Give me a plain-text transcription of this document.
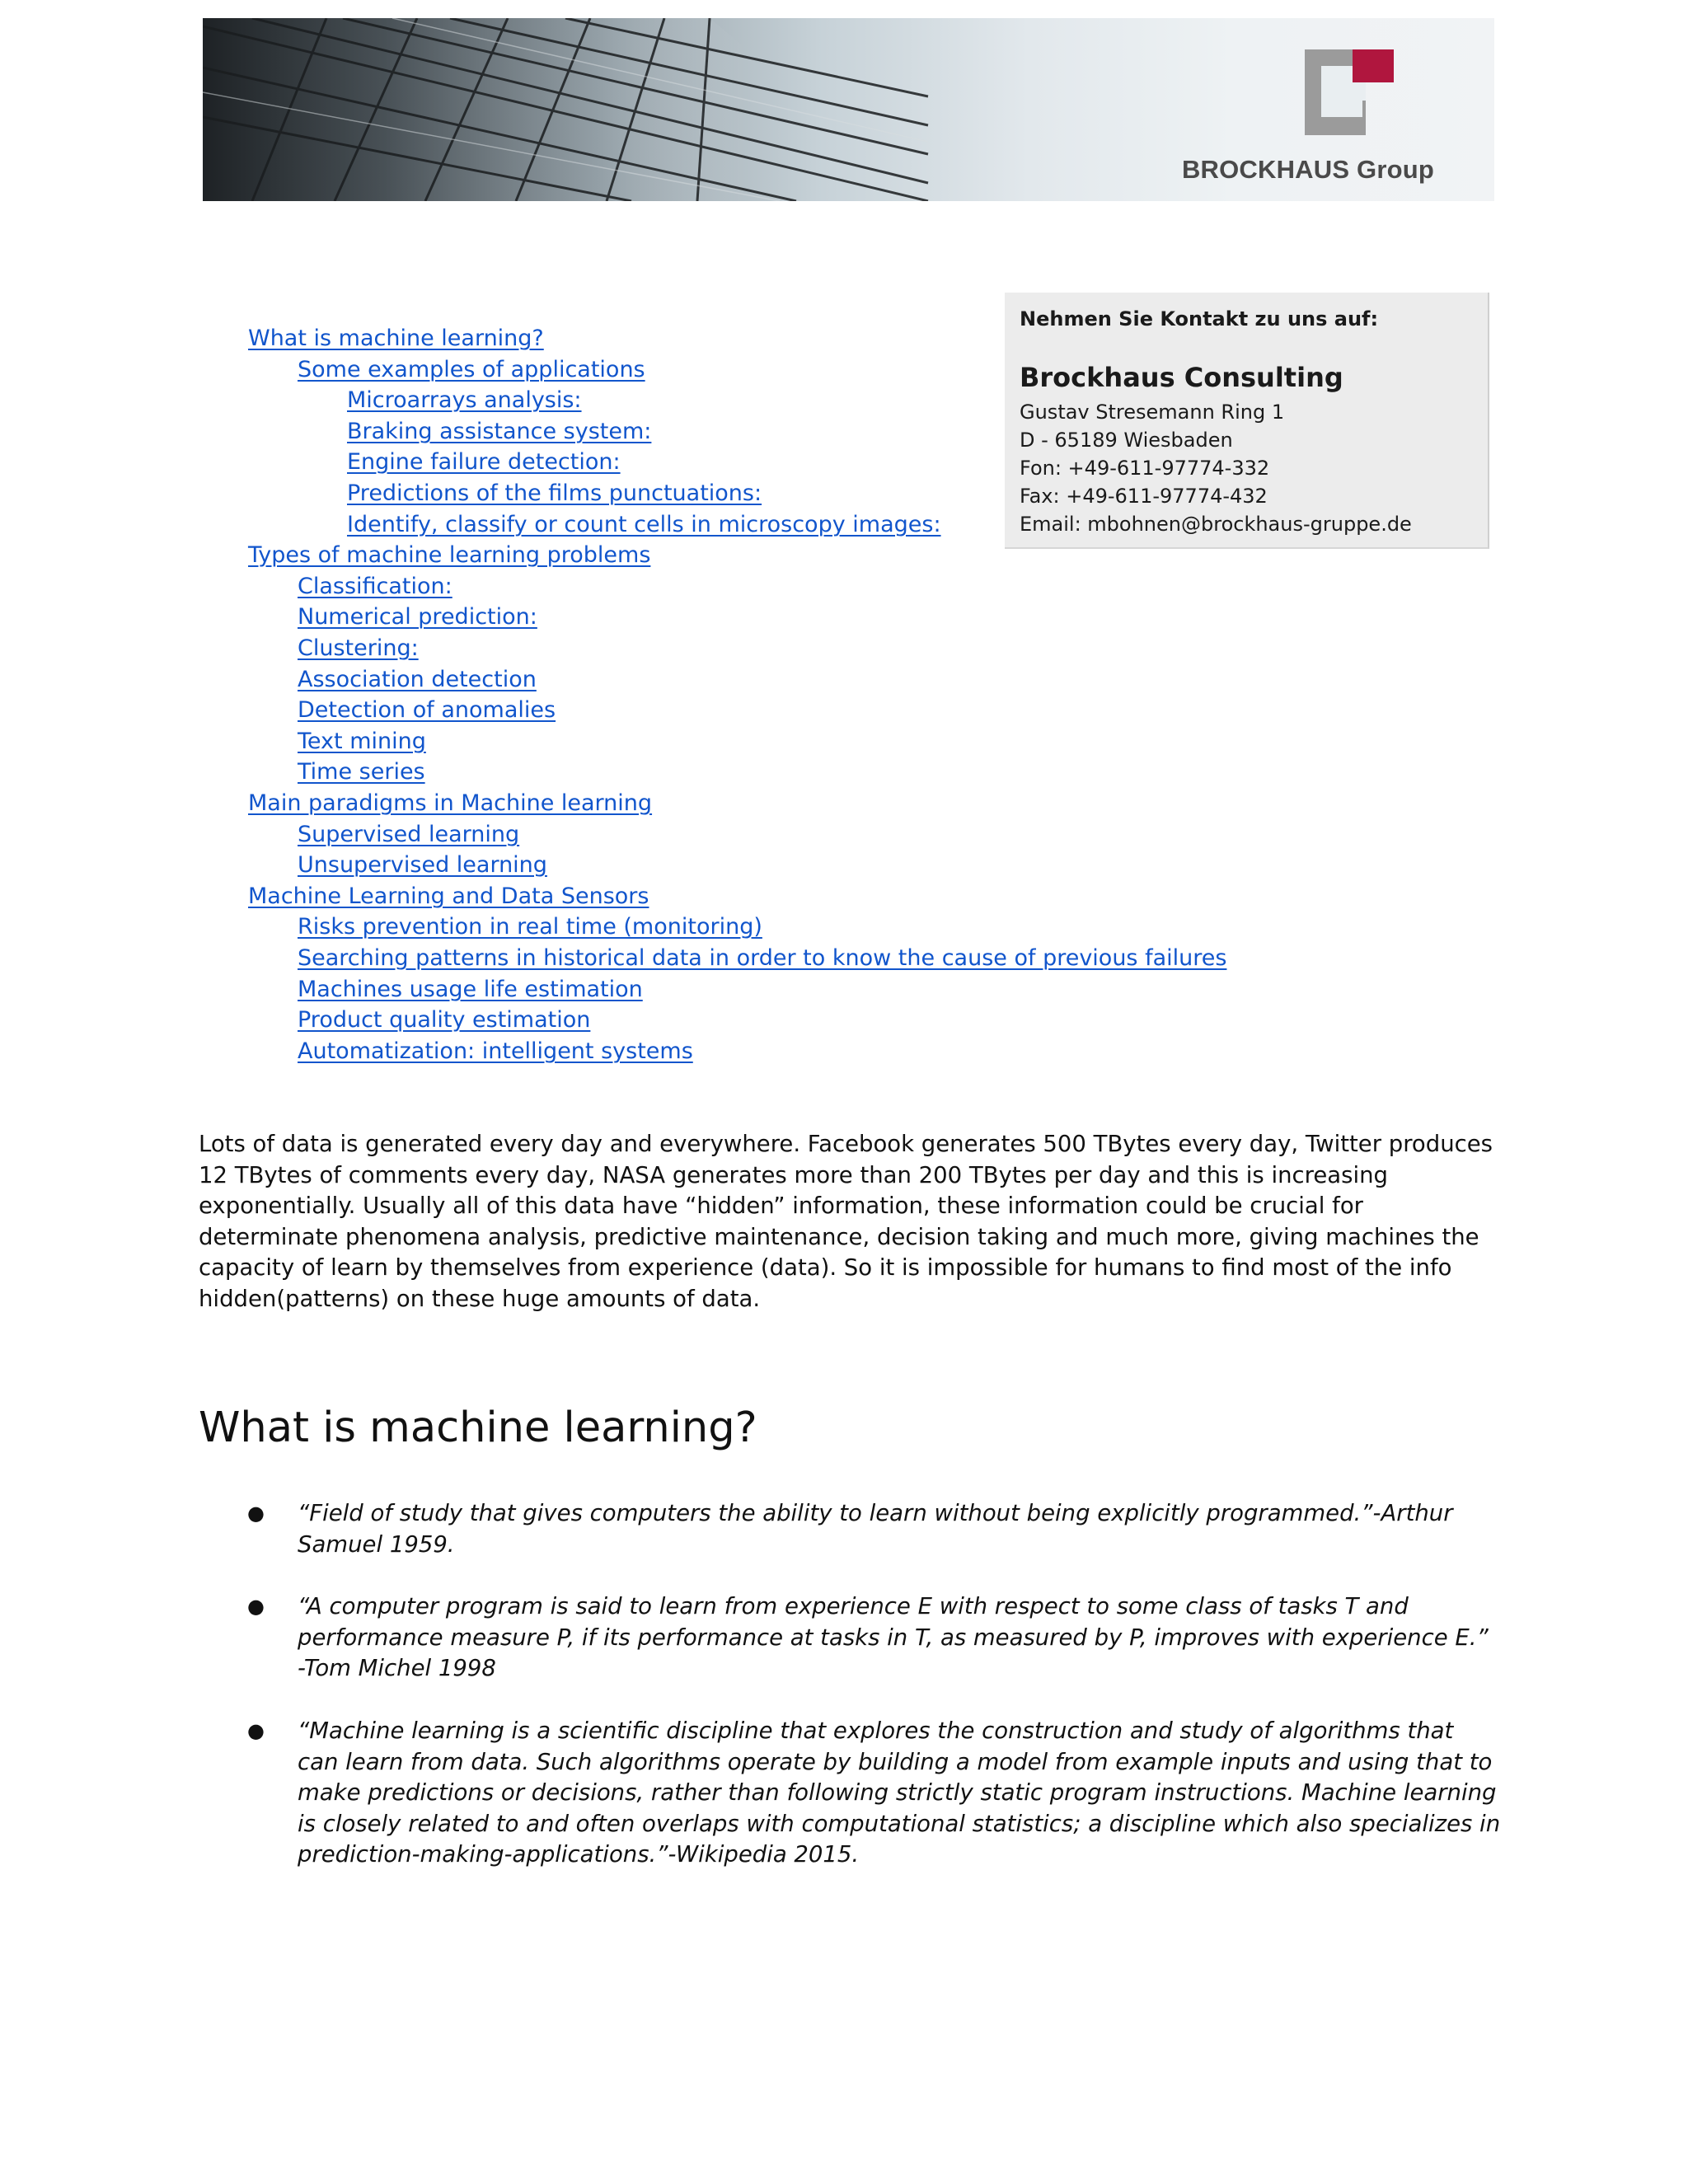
BROCKHAUS Group
Nehmen Sie Kontakt zu uns auf:
Brockhaus Consulting
Gustav Stresemann Ring 1
D - 65189 Wiesbaden
Fon: +49-611-97774-332
Fax: +49-611-97774-432
Email: mbohnen@brockhaus-gruppe.de
What is machine learning?
Some examples of applications
Microarrays analysis:
Braking assistance system:
Engine failure detection:
Predictions of the films punctuations:
Identify, classify or count cells in microscopy images:
Types of machine learning problems
Classification:
Numerical prediction:
Clustering:
Association detection
Detection of anomalies
Text mining
Time series
Main paradigms in Machine learning
Supervised learning
Unsupervised learning
Machine Learning and Data Sensors
Risks prevention in real time (monitoring)
Searching patterns in historical data in order to know the cause of previous failures
Machines usage life estimation
Product quality estimation
Automatization: intelligent systems

Lots of data is generated every day and everywhere. Facebook generates 500 TBytes every day, Twitter produces 12 TBytes of comments every day, NASA generates more than 200 TBytes per day and this is increasing exponentially. Usually all of this data have “hidden” information, these information could be crucial for determinate phenomena analysis, predictive maintenance, decision taking and much more, giving machines the capacity of learn by themselves from experience (data). So it is impossible for humans to find most of the info hidden(patterns) on these huge amounts of data.

What is machine learning?
● “Field of study that gives computers the ability to learn without being explicitly programmed.”-Arthur Samuel 1959.
● “A computer program is said to learn from experience E with respect to some class of tasks T and performance measure P, if its performance at tasks in T, as measured by P, improves with experience E.” -Tom Michel 1998
● “Machine learning is a scientific discipline that explores the construction and study of algorithms that can learn from data. Such algorithms operate by building a model from example inputs and using that to make predictions or decisions, rather than following strictly static program instructions. Machine learning is closely related to and often overlaps with computational statistics; a discipline which also specializes in prediction-making-applications.”-Wikipedia 2015.
